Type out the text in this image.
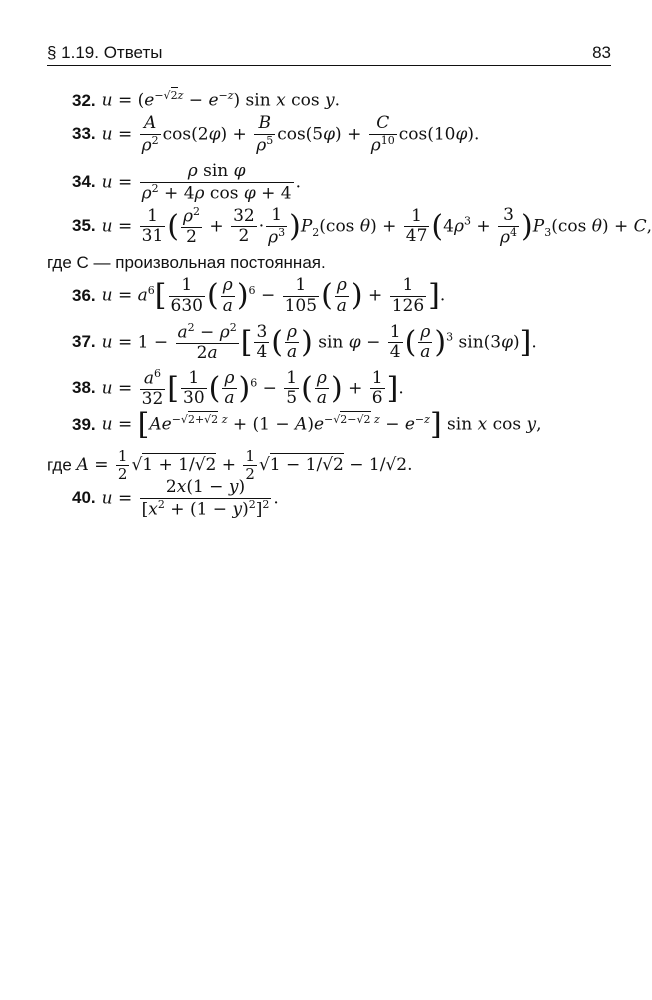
§ 1.19. Ответы	83
32. $u = (e^{-√2z} - e^{-z})$ sin x cos y.
33. $u = \frac{A}{\rho^2} \cos(2\varphi) + \frac{B}{\rho^5} \cos(5\varphi) + \frac{C}{\rho^{10}} \cos(10\varphi)$.
34. $u = \frac{\text{ρ sin φ}}{\rho^2 + 4\rho \cos \varphi + 4}$ .
35. $u = \frac{1}{31}$ ( $\frac{\rho^2}{2} + \frac{32}{2} \cdot \frac{1}{\rho^3} )P_2(\cos$ $\theta) + \frac{1}{47} (4\rho^3 + \frac{3}{\rho^4} )P_3(\cos$ θ) + C,
где C — произвольная постоянная.
36. $u = a^6[ \frac{1}{630}$ ( $\frac{\rho}{a} )^6 - \frac{1}{105}$ ( $\frac{\rho}{a}$ ) + $\frac{1}{126}$ ].
37. $u = 1 - \frac{a^2 - \rho^2}{2a}$ [ $\frac{3}{4}$ ( $\frac{\rho}{a}$ ) $\sin \varphi - \frac{1}{4}$ ( $\frac{\rho}{a} )^3$ sin(3φ)].
38. $u = \frac{a^6}{32}$ [ $\frac{1}{30}$ ( $\frac{\rho}{a} )^6 - \frac{1}{5}$ ( $\frac{\rho}{a}$ ) + $\frac{1}{6}$ ].
39. $u = [Ae^{-√2+√2 z} + (1 - A)e^{-√2-√2 z} - e^{-z}]$ sin x cos y,
где $A = \frac{1}{2} √1 + 1/√2 + \frac{1}{2} √1 - 1/√2 - 1/√2$.
40. $u = \frac{2x(1 - y)}{[x^2 + (1 - y)^2]^2}$ .
